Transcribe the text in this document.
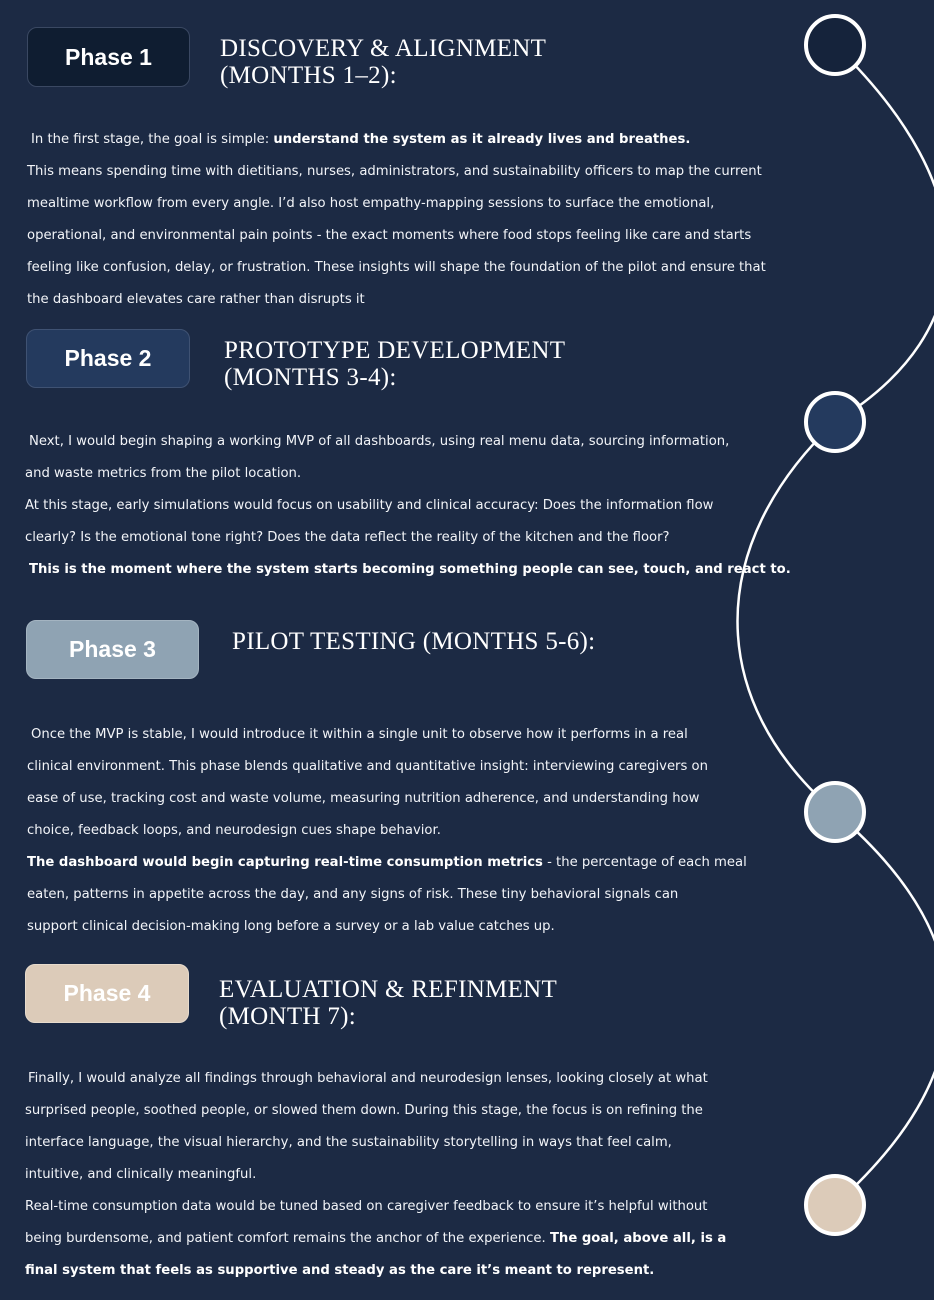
Phase 1	DISCOVERY & ALIGNMENT
(MONTHS 1–2):
In the first stage, the goal is simple: understand the system as it already lives and breathes.
This means spending time with dietitians, nurses, administrators, and sustainability officers to map the current
mealtime workflow from every angle. I’d also host empathy-mapping sessions to surface the emotional,
operational, and environmental pain points - the exact moments where food stops feeling like care and starts
feeling like confusion, delay, or frustration. These insights will shape the foundation of the pilot and ensure that
the dashboard elevates care rather than disrupts it
Phase 2	PROTOTYPE DEVELOPMENT
(MONTHS 3-4):
Next, I would begin shaping a working MVP of all dashboards, using real menu data, sourcing information,
and waste metrics from the pilot location.
At this stage, early simulations would focus on usability and clinical accuracy: Does the information flow
clearly? Is the emotional tone right? Does the data reflect the reality of the kitchen and the floor?
This is the moment where the system starts becoming something people can see, touch, and react to.
Phase 3	PILOT TESTING (MONTHS 5-6):
Once the MVP is stable, I would introduce it within a single unit to observe how it performs in a real
clinical environment. This phase blends qualitative and quantitative insight: interviewing caregivers on
ease of use, tracking cost and waste volume, measuring nutrition adherence, and understanding how
choice, feedback loops, and neurodesign cues shape behavior.
The dashboard would begin capturing real-time consumption metrics - the percentage of each meal
eaten, patterns in appetite across the day, and any signs of risk. These tiny behavioral signals can
support clinical decision-making long before a survey or a lab value catches up.
Phase 4	EVALUATION & REFINMENT
(MONTH 7):
Finally, I would analyze all findings through behavioral and neurodesign lenses, looking closely at what
surprised people, soothed people, or slowed them down. During this stage, the focus is on refining the
interface language, the visual hierarchy, and the sustainability storytelling in ways that feel calm,
intuitive, and clinically meaningful.
Real-time consumption data would be tuned based on caregiver feedback to ensure it’s helpful without
being burdensome, and patient comfort remains the anchor of the experience. The goal, above all, is a
final system that feels as supportive and steady as the care it’s meant to represent.
